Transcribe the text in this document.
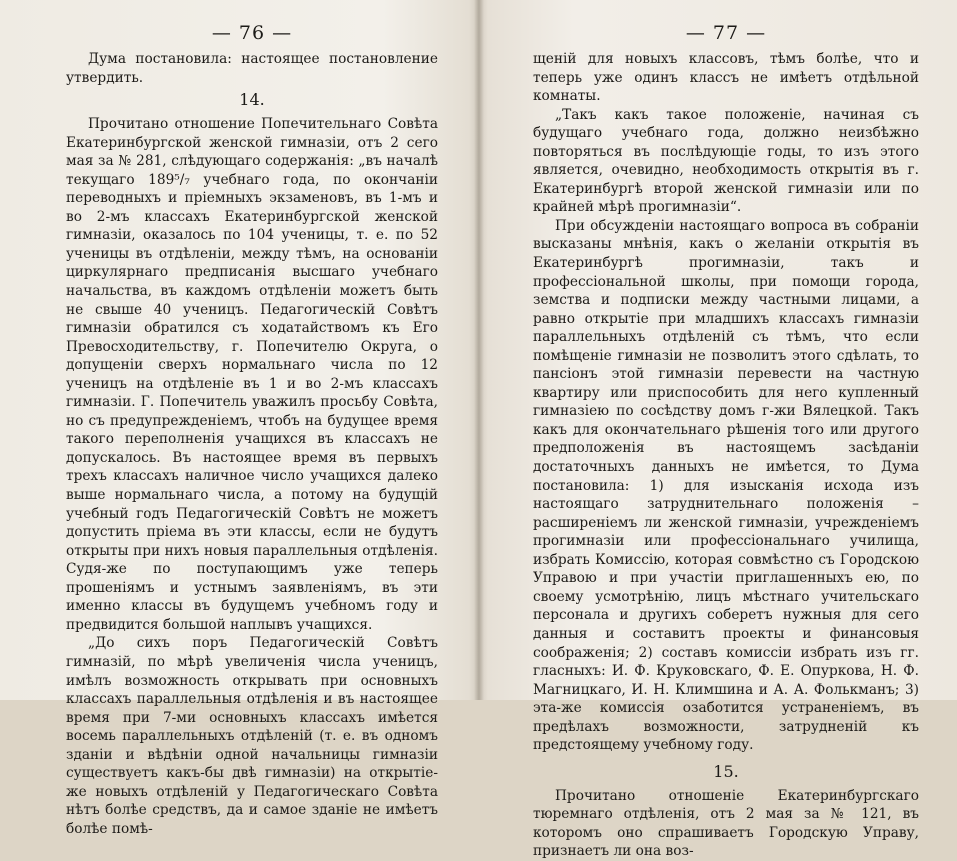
— 76 —

Дума постановила: настоящее постановление утвердить.

14.

Прочитано отношение Попечительнаго Совѣта Екатеринбургской женской гимназіи, отъ 2 сего мая за № 281, слѣдующаго содержанія: „въ началѣ текущаго 189⁵/₇ учебнаго года, по окончаніи переводныхъ и пріемныхъ экзаменовъ, въ 1-мъ и во 2-мъ классахъ Екатеринбургской женской гимназіи, оказалось по 104 ученицы, т. е. по 52 ученицы въ отдѣленіи, между тѣмъ, на основаніи циркулярнаго предписанія высшаго учебнаго начальства, въ каждомъ отдѣленіи можетъ быть не свыше 40 ученицъ. Педагогическій Совѣтъ гимназіи обратился съ ходатайствомъ къ Его Превосходительству, г. Попечителю Округа, о допущеніи сверхъ нормальнаго числа по 12 ученицъ на отдѣленіе въ 1 и во 2-мъ классахъ гимназіи. Г. Попечитель уважилъ просьбу Совѣта, но съ предупрежденіемъ, чтобъ на будущее время такого переполненія учащихся въ классахъ не допускалось. Въ настоящее время въ первыхъ трехъ классахъ наличное число учащихся далеко выше нормальнаго числа, а потому на будущій учебный годъ Педагогическій Совѣтъ не можетъ допустить пріема въ эти классы, если не будутъ открыты при нихъ новыя параллельныя отдѣленія. Судя-же по поступающимъ уже теперь прошеніямъ и устнымъ заявленіямъ, въ эти именно классы въ будущемъ учебномъ году и предвидится большой наплывъ учащихся.

„До сихъ поръ Педагогическій Совѣтъ гимназій, по мѣрѣ увеличенія числа ученицъ, имѣлъ возможность открывать при основныхъ классахъ параллельныя отдѣленія и въ настоящее время при 7-ми основныхъ классахъ имѣется восемь параллельныхъ отдѣленій (т. е. въ одномъ зданіи и вѣдѣніи одной начальницы гимназіи существуетъ какъ-бы двѣ гимназіи) на открытіе-же новыхъ отдѣленій у Педагогическаго Совѣта нѣтъ болѣе средствъ, да и самое зданіе не имѣетъ болѣе помѣ-

— 77 —

щеній для новыхъ классовъ, тѣмъ болѣе, что и теперь уже одинъ классъ не имѣетъ отдѣльной комнаты.

„Такъ какъ такое положеніе, начиная съ будущаго учебнаго года, должно неизбѣжно повторяться въ послѣдующіе годы, то изъ этого является, очевидно, необходимость открытія въ г. Екатеринбургѣ второй женской гимназіи или по крайней мѣрѣ прогимназіи“.

При обсужденіи настоящаго вопроса въ собраніи высказаны мнѣнія, какъ о желаніи открытія въ Екатеринбургѣ прогимназіи, такъ и профессіональной школы, при помощи города, земства и подписки между частными лицами, а равно открытіе при младшихъ классахъ гимназіи параллельныхъ отдѣленій съ тѣмъ, что если помѣщеніе гимназіи не позволитъ этого сдѣлать, то пансіонъ этой гимназіи перевести на частную квартиру или приспособить для него купленный гимназіею по сосѣдству домъ г-жи Вялецкой. Такъ какъ для окончательнаго рѣшенія того или другого предположенія въ настоящемъ засѣданіи достаточныхъ данныхъ не имѣется, то Дума постановила: 1) для изысканія исхода изъ настоящаго затруднительнаго положенія – расширеніемъ ли женской гимназіи, учрежденіемъ прогимназіи или профессіональнаго училища, избрать Комиссію, которая совмѣстно съ Городскою Управою и при участіи приглашенныхъ ею, по своему усмотрѣнію, лицъ мѣстнаго учительскаго персонала и другихъ соберетъ нужныя для сего данныя и составитъ проекты и финансовыя соображенія; 2) составъ комиссіи избрать изъ гг. гласныхъ: И. Ф. Круковскаго, Ф. Е. Опуркова, Н. Ф. Магницкаго, И. Н. Климшина и А. А. Фолькманъ; 3) эта-же комиссія озаботится устраненіемъ, въ предѣлахъ возможности, затрудненій къ предстоящему учебному году.

15.

Прочитано отношеніе Екатеринбургскаго тюремнаго отдѣленія, отъ 2 мая за № 121, въ которомъ оно спрашиваетъ Городскую Управу, признаетъ ли она воз-
